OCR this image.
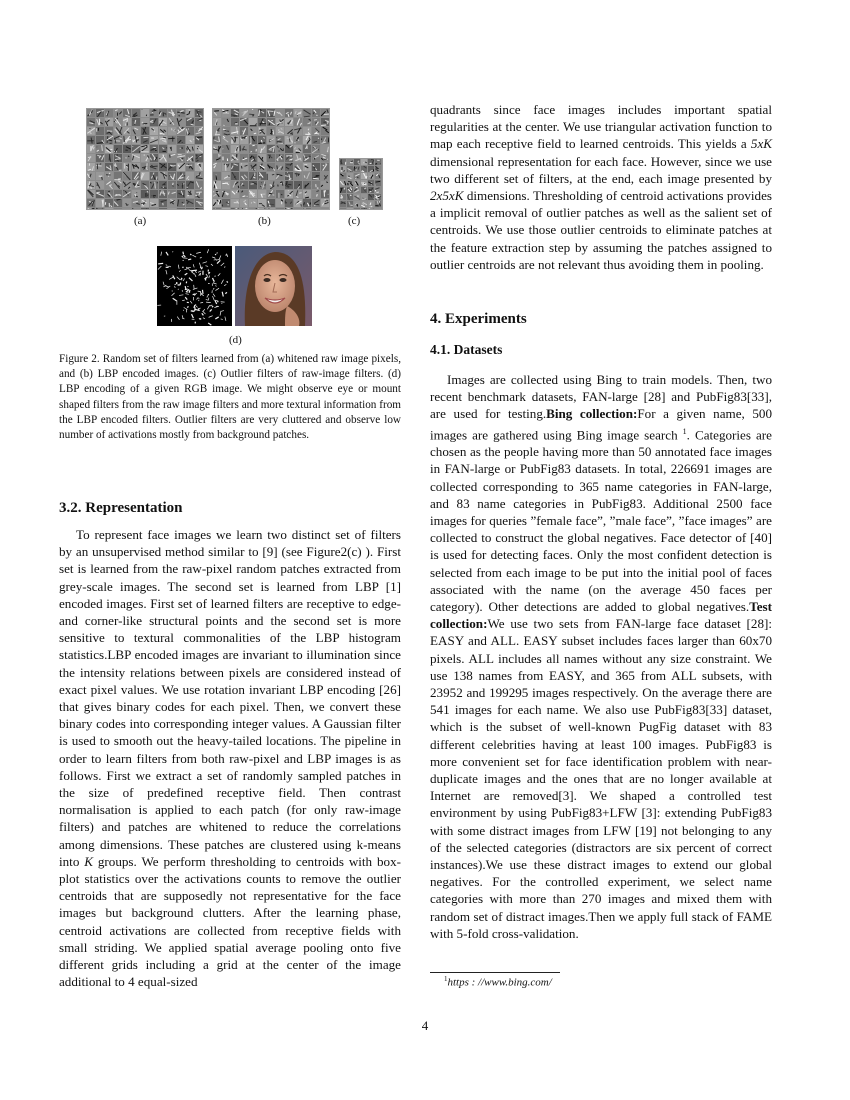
(a)	(b)	(c)
(d)

Figure 2. Random set of filters learned from (a) whitened raw image pixels, and (b) LBP encoded images. (c) Outlier filters of raw-image filters. (d) LBP encoding of a given RGB image. We might observe eye or mount shaped filters from the raw image filters and more textural information from the LBP encoded filters. Outlier filters are very cluttered and observe low number of activations mostly from background patches.

3.2. Representation

To represent face images we learn two distinct set of filters by an unsupervised method similar to [9] (see Figure2(c) ). First set is learned from the raw-pixel random patches extracted from grey-scale images. The second set is learned from LBP [1] encoded images. First set of learned filters are receptive to edge- and corner-like structural points and the second set is more sensitive to textural commonalities of the LBP histogram statistics.LBP encoded images are invariant to illumination since the intensity relations between pixels are considered instead of exact pixel values. We use rotation invariant LBP encoding [26] that gives binary codes for each pixel. Then, we convert these binary codes into corresponding integer values. A Gaussian filter is used to smooth out the heavy-tailed locations. The pipeline in order to learn filters from both raw-pixel and LBP images is as follows. First we extract a set of randomly sampled patches in the size of predefined receptive field. Then contrast normalisation is applied to each patch (for only raw-image filters) and patches are whitened to reduce the correlations among dimensions. These patches are clustered using k-means into K groups. We perform thresholding to centroids with box-plot statistics over the activations counts to remove the outlier centroids that are supposedly not representative for the face images but background clutters. After the learning phase, centroid activations are collected from receptive fields with small striding. We applied spatial average pooling onto five different grids including a grid at the center of the image additional to 4 equal-sized

quadrants since face images includes important spatial regularities at the center. We use triangular activation function to map each receptive field to learned centroids. This yields a 5xK dimensional representation for each face. However, since we use two different set of filters, at the end, each image presented by 2x5xK dimensions. Thresholding of centroid activations provides a implicit removal of outlier patches as well as the salient set of centroids. We use those outlier centroids to eliminate patches at the feature extraction step by assuming the patches assigned to outlier centroids are not relevant thus avoiding them in pooling.

4. Experiments
4.1. Datasets

Images are collected using Bing to train models. Then, two recent benchmark datasets, FAN-large [28] and PubFig83[33], are used for testing.Bing collection:For a given name, 500 images are gathered using Bing image search $^1$. Categories are chosen as the people having more than 50 annotated face images in FAN-large or PubFig83 datasets. In total, 226691 images are collected corresponding to 365 name categories in FAN-large, and 83 name categories in PubFig83. Additional 2500 face images for queries ”female face”, ”male face”, ”face images” are collected to construct the global negatives. Face detector of [40] is used for detecting faces. Only the most confident detection is selected from each image to be put into the initial pool of faces associated with the name (on the average 450 faces per category). Other detections are added to global negatives.Test collection:We use two sets from FAN-large face dataset [28]: EASY and ALL. EASY subset includes faces larger than 60x70 pixels. ALL includes all names without any size constraint. We use 138 names from EASY, and 365 from ALL subsets, with 23952 and 199295 images respectively. On the average there are 541 images for each name. We also use PubFig83[33] dataset, which is the subset of well-known PugFig dataset with 83 different celebrities having at least 100 images. PubFig83 is more convenient set for face identification problem with near-duplicate images and the ones that are no longer available at Internet are removed[3]. We shaped a controlled test environment by using PubFig83+LFW [3]: extending PubFig83 with some distract images from LFW [19] not belonging to any of the selected categories (distractors are six percent of correct instances).We use these distract images to extend our global negatives. For the controlled experiment, we select name categories with more than 270 images and mixed them with random set of distract images.Then we apply full stack of FAME with 5-fold cross-validation.

$^1$https : //www.bing.com/
4
